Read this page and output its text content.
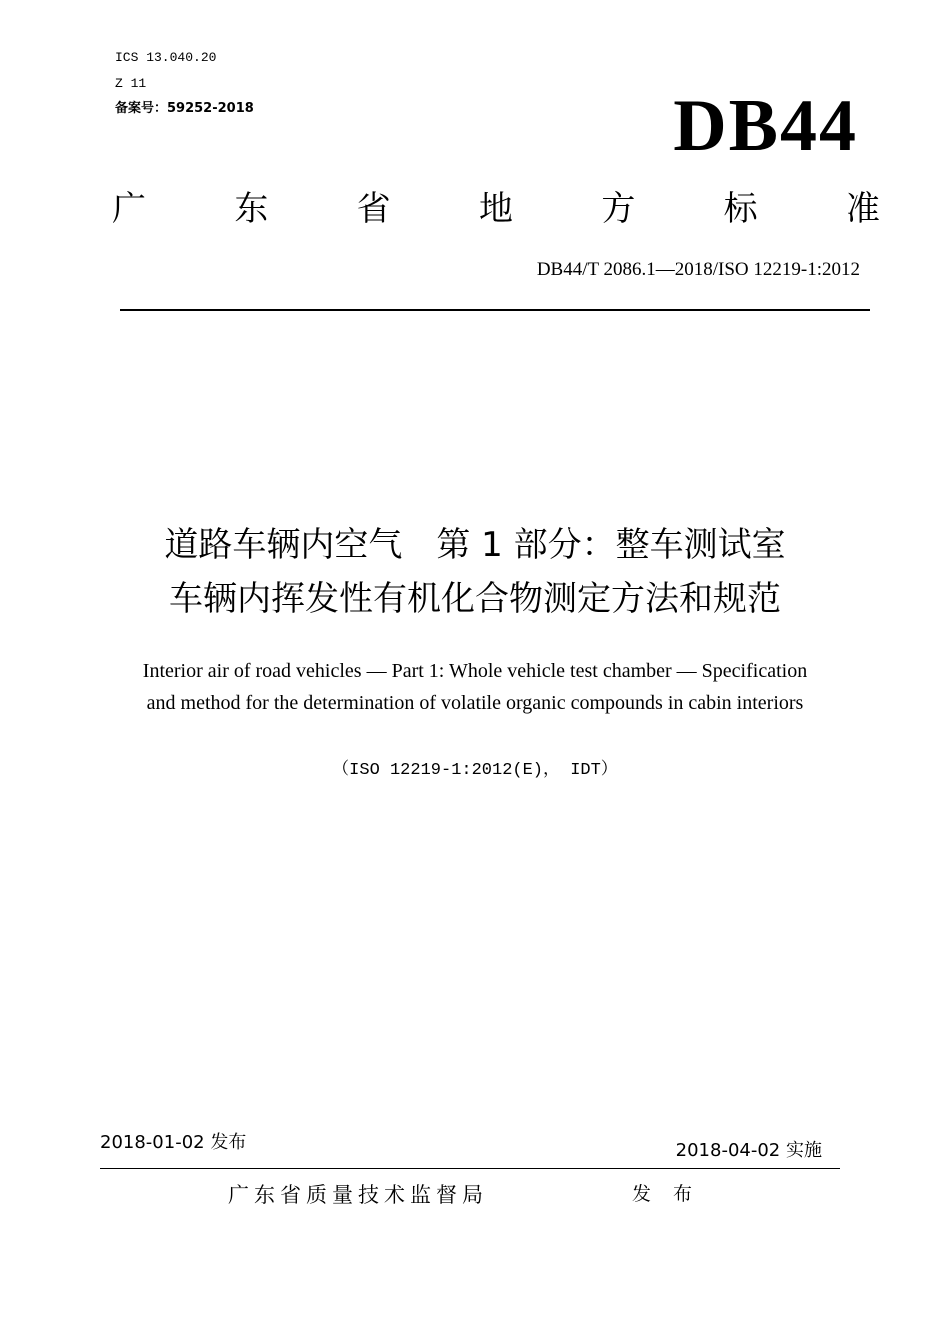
ICS 13.040.20
Z 11
备案号：59252-2018	DB44
广	东	省	地	方	标	准
DB44/T 2086.1—2018/ISO 12219-1:2012
道路车辆内空气　第 1 部分：整车测试室
车辆内挥发性有机化合物测定方法和规范
Interior air of road vehicles — Part 1: Whole vehicle test chamber — Specification
and method for the determination of volatile organic compounds in cabin interiors
（ISO 12219-1:2012(E)， IDT）
2018-01-02 发布	2018-04-02 实施
广东省质量技术监督局	发 布
